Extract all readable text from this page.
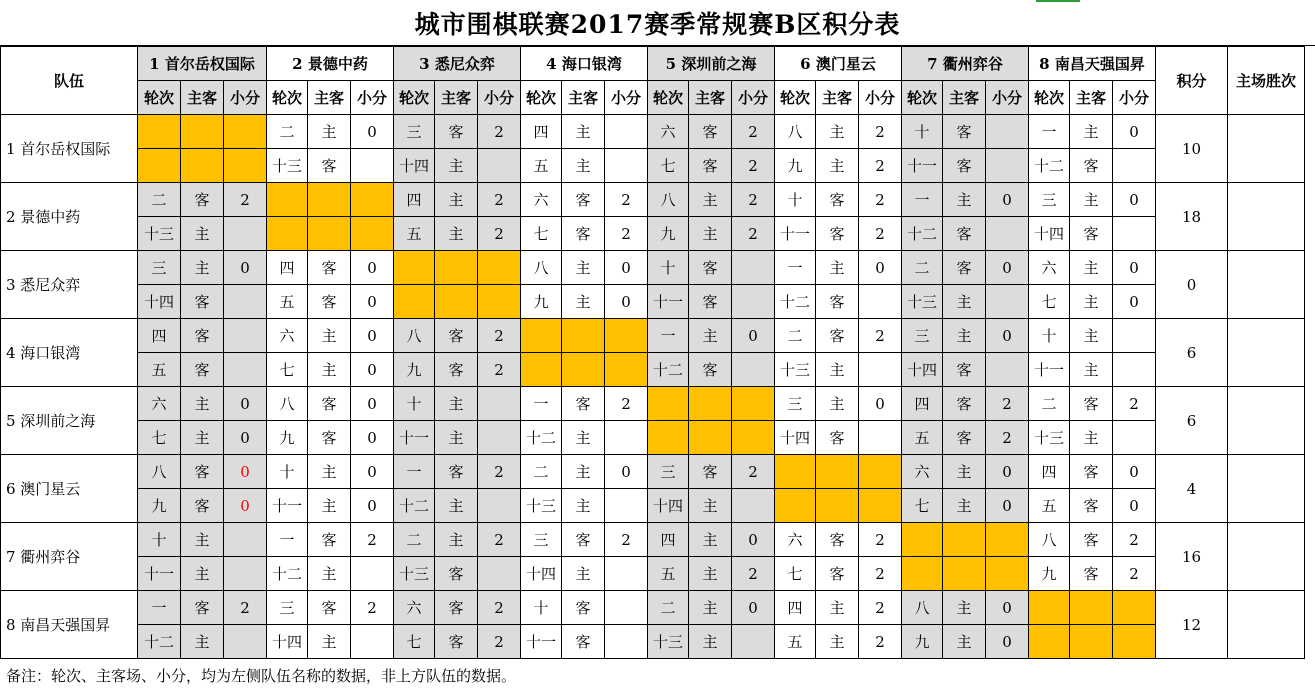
城市围棋联赛2017赛季常规赛B区积分表
队伍	1 首尔岳权国际			2 景德中药			3 悉尼众弈			4 海口银湾			5 深圳前之海			6 澳门星云			7 衢州弈谷			8 南昌天强国昇			积分	主场胜次
	轮次	主客	小分	轮次	主客	小分	轮次	主客	小分	轮次	主客	小分	轮次	主客	小分	轮次	主客	小分	轮次	主客	小分	轮次	主客	小分		
1 首尔岳权国际				二	主	0	三	客	2	四	主		六	客	2	八	主	2	十	客		一	主	0	10	
				十三	客		十四	主		五	主		七	客	2	九	主	2	十一	客		十二	客			
2 景德中药	二	客	2				四	主	2	六	客	2	八	主	2	十	客	2	一	主	0	三	主	0	18	
	十三	主					五	主	2	七	客	2	九	主	2	十一	客	2	十二	客		十四	客			
3 悉尼众弈	三	主	0	四	客	0				八	主	0	十	客		一	主	0	二	客	0	六	主	0	0	
	十四	客		五	客	0				九	主	0	十一	客		十二	客		十三	主		七	主	0		
4 海口银湾	四	客		六	主	0	八	客	2				一	主	0	二	客	2	三	主	0	十	主		6	
	五	客		七	主	0	九	客	2				十二	客		十三	主		十四	客		十一	主			
5 深圳前之海	六	主	0	八	客	0	十	主		一	客	2				三	主	0	四	客	2	二	客	2	6	
	七	主	0	九	客	0	十一	主		十二	主					十四	客		五	客	2	十三	主			
6 澳门星云	八	客	0	十	主	0	一	客	2	二	主	0	三	客	2				六	主	0	四	客	0	4	
	九	客	0	十一	主	0	十二	主		十三	主		十四	主					七	主	0	五	客	0		
7 衢州弈谷	十	主		一	客	2	二	主	2	三	客	2	四	主	0	六	客	2				八	客	2	16	
	十一	主		十二	主		十三	客		十四	主		五	主	2	七	客	2				九	客	2		
8 南昌天强国昇	一	客	2	三	客	2	六	客	2	十	客		二	主	0	四	主	2	八	主	0				12	
	十二	主		十四	主		七	客	2	十一	客		十三	主		五	主	2	九	主	0					
备注：轮次、主客场、小分，均为左侧队伍名称的数据，非上方队伍的数据。
